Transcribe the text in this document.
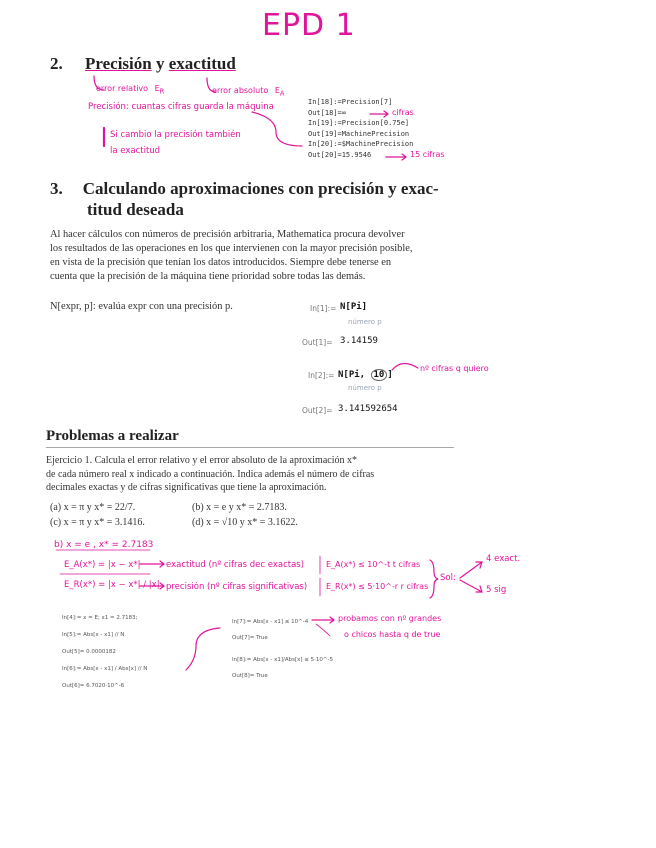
EPD 1
2. Precisión y exactitud
error relativo $E_R$	error absoluto $E_A$
Precisión: cuantas cifras guarda la máquina
Si cambio la precisión también
la exactitud
In[18]:=Precision[7]
Out[18]=∞
In[19]:=Precision[0.75e]
Out[19]=MachinePrecision
In[20]:=$MachinePrecision
Out[20]=15.9546
cifras
15 cifras
3. Calculando aproximaciones con precisión y exac-
titud deseada
Al hacer cálculos con números de precisión arbitraria, Mathematica procura devolver
los resultados de las operaciones en los que intervienen con la mayor precisión posible,
en vista de la precisión que tenían los datos introducidos. Siempre debe tenerse en
cuenta que la precisión de la máquina tiene prioridad sobre todas las demás.
N[expr, p]: evalúa expr con una precisión p.	In[1]:= N[Pi]
número p
Out[1]= 3.14159
In[2]:= N[Pi, 10 ]
número p
nº cifras q quiero
Out[2]= 3.141592654
Problemas a realizar
Ejercicio 1. Calcula el error relativo y el error absoluto de la aproximación x*
de cada número real x indicado a continuación. Indica además el número de cifras
decimales exactas y de cifras significativas que tiene la aproximación.
(a) x = π y x* = 22/7.	(b) x = e y x* = 2.7183.
(c) x = π y x* = 3.1416.	(d) x = √10 y x* = 3.1622.
b) x = e , x* = 2.7183
E_A(x*) = |x − x*|	exactitud (nº cifras dec exactas)	E_A(x*) ≤ 10^-t t cifras
E_R(x*) = |x − x*| / |x| precisión (nº cifras significativas) E_R(x*) ≤ 5·10^-r r cifras
Sol:
4 exact.
5 sig
In[4]:= x = E; x1 = 2.7183;
In[5]:= Abs[x - x1] // N
Out[5]= 0.0000182
In[6]:= Abs[x - x1] / Abs[x] // N
Out[6]= 6.7020·10^-6
In[7]:= Abs[x - x1] ≤ 10^-4
Out[7]= True
In[8]:= Abs[x - x1]/Abs[x] ≤ 5·10^-5
Out[8]= True
probamos con nº grandes
o chicos hasta q de true
